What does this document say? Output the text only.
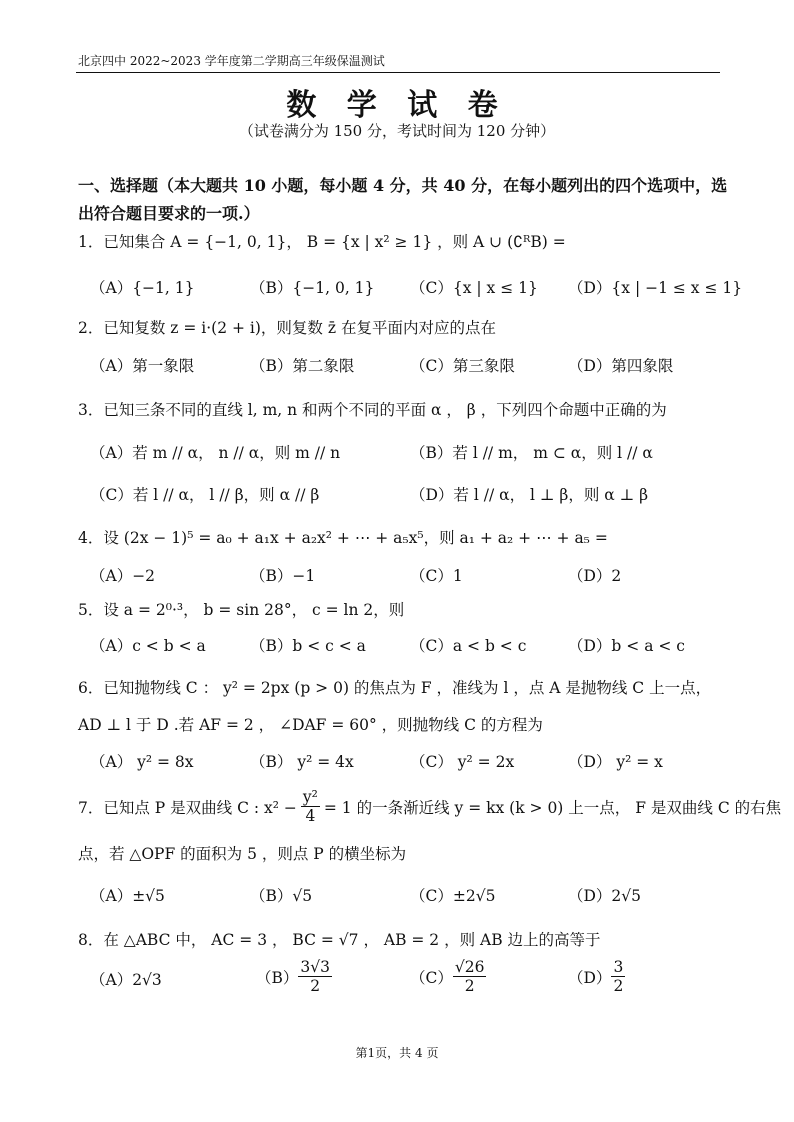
北京四中 2022~2023 学年度第二学期高三年级保温测试
数 学 试 卷
（试卷满分为 150 分，考试时间为 120 分钟）
一、选择题（本大题共 10 小题，每小题 4 分，共 40 分，在每小题列出的四个选项中，选出符合题目要求的一项.）
1．已知集合 A = {−1, 0, 1}， B = {x | x² ≥ 1} ，则 A ∪ (∁ᴿB) =
（A）{−1, 1}	（B）{−1, 0, 1} （C）{x | x ≤ 1} （D）{x | −1 ≤ x ≤ 1}
2．已知复数 z = i·(2 + i)，则复数 z̄ 在复平面内对应的点在
（A）第一象限	（B）第二象限	（C）第三象限	（D）第四象限
3．已知三条不同的直线 l, m, n 和两个不同的平面 α ， β ，下列四个命题中正确的为
（A）若 m // α， n // α，则 m // n	（B）若 l // m， m ⊂ α，则 l // α
（C）若 l // α， l // β，则 α // β	（D）若 l // α， l ⊥ β，则 α ⊥ β
4．设 (2x − 1)⁵ = a₀ + a₁x + a₂x² + ⋯ + a₅x⁵，则 a₁ + a₂ + ⋯ + a₅ =
（A）−2	（B）−1	（C）1	（D）2
5．设 a = 2⁰·³， b = sin 28°， c = ln 2，则
（A）c < b < a	（B）b < c < a	（C）a < b < c	（D）b < a < c
6．已知抛物线 C ： y² = 2px (p > 0) 的焦点为 F ，准线为 l ，点 A 是抛物线 C 上一点，
AD ⊥ l 于 D .若 AF = 2 ， ∠DAF = 60° ，则抛物线 C 的方程为
（A） y² = 8x	（B） y² = 4x	（C） y² = 2x	（D） y² = x
7．已知点 P 是双曲线 C : $x^2 - \frac{\text{y²}}{4} = 1$ 的一条渐近线 y = kx (k > 0) 上一点， F 是双曲线 C 的右焦
点，若 △OPF 的面积为 5 ，则点 P 的横坐标为
（A）±√5	（B）√5	（C）±2√5	（D）2√5
8．在 △ABC 中， AC = 3 ， BC = √7 ， AB = 2 ，则 AB 边上的高等于
（A）2√3	$(B) \frac{3√3}{2}$	$(C) \frac{√26}{2}$	$(D) \frac{3}{2}$
第1页，共 4 页
